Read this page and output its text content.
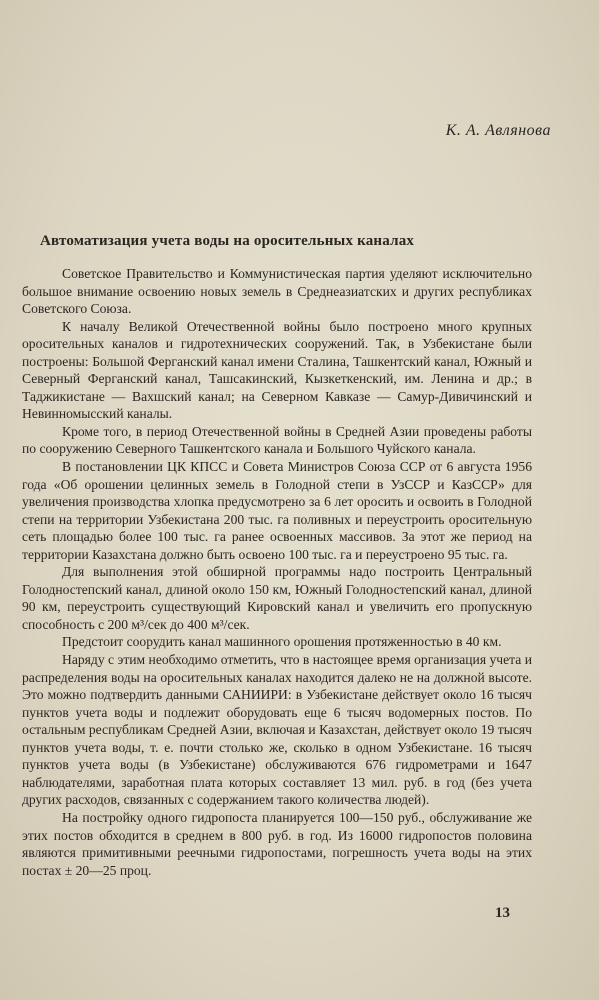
К. А. Авлянова
Автоматизация учета воды на оросительных каналах

Советское Правительство и Коммунистическая партия уделяют исключительно большое внимание освоению новых земель в Среднеазиатских и других республиках Советского Союза.

К началу Великой Отечественной войны было построено много крупных оросительных каналов и гидротехнических сооружений. Так, в Узбекистане были построены: Большой Ферганский канал имени Сталина, Ташкентский канал, Южный и Северный Ферганский канал, Ташсакинский, Кызкеткенский, им. Ленина и др.; в Таджикистане — Вахшский канал; на Северном Кавказе — Самур-Дивичинский и Невинномысский каналы.

Кроме того, в период Отечественной войны в Средней Азии проведены работы по сооружению Северного Ташкентского канала и Большого Чуйского канала.

В постановлении ЦК КПСС и Совета Министров Союза ССР от 6 августа 1956 года «Об орошении целинных земель в Голодной степи в УзССР и КазССР» для увеличения производства хлопка предусмотрено за 6 лет оросить и освоить в Голодной степи на территории Узбекистана 200 тыс. га поливных и переустроить оросительную сеть площадью более 100 тыс. га ранее освоенных массивов. За этот же период на территории Казахстана должно быть освоено 100 тыс. га и переустроено 95 тыс. га.

Для выполнения этой обширной программы надо построить Центральный Голодностепский канал, длиной около 150 км, Южный Голодностепский канал, длиной 90 км, переустроить существующий Кировский канал и увеличить его пропускную способность с 200 м³/сек до 400 м³/сек.

Предстоит соорудить канал машинного орошения протяженностью в 40 км.

Наряду с этим необходимо отметить, что в настоящее время организация учета и распределения воды на оросительных каналах находится далеко не на должной высоте. Это можно подтвердить данными САНИИРИ: в Узбекистане действует около 16 тысяч пунктов учета воды и подлежит оборудовать еще 6 тысяч водомерных постов. По остальным республикам Средней Азии, включая и Казахстан, действует около 19 тысяч пунктов учета воды, т. е. почти столько же, сколько в одном Узбекистане. 16 тысяч пунктов учета воды (в Узбекистане) обслуживаются 676 гидрометрами и 1647 наблюдателями, заработная плата которых составляет 13 мил. руб. в год (без учета других расходов, связанных с содержанием такого количества людей).

На постройку одного гидропоста планируется 100—150 руб., обслуживание же этих постов обходится в среднем в 800 руб. в год. Из 16000 гидропостов половина являются примитивными реечными гидропостами, погрешность учета воды на этих постах ± 20—25 проц.

13
